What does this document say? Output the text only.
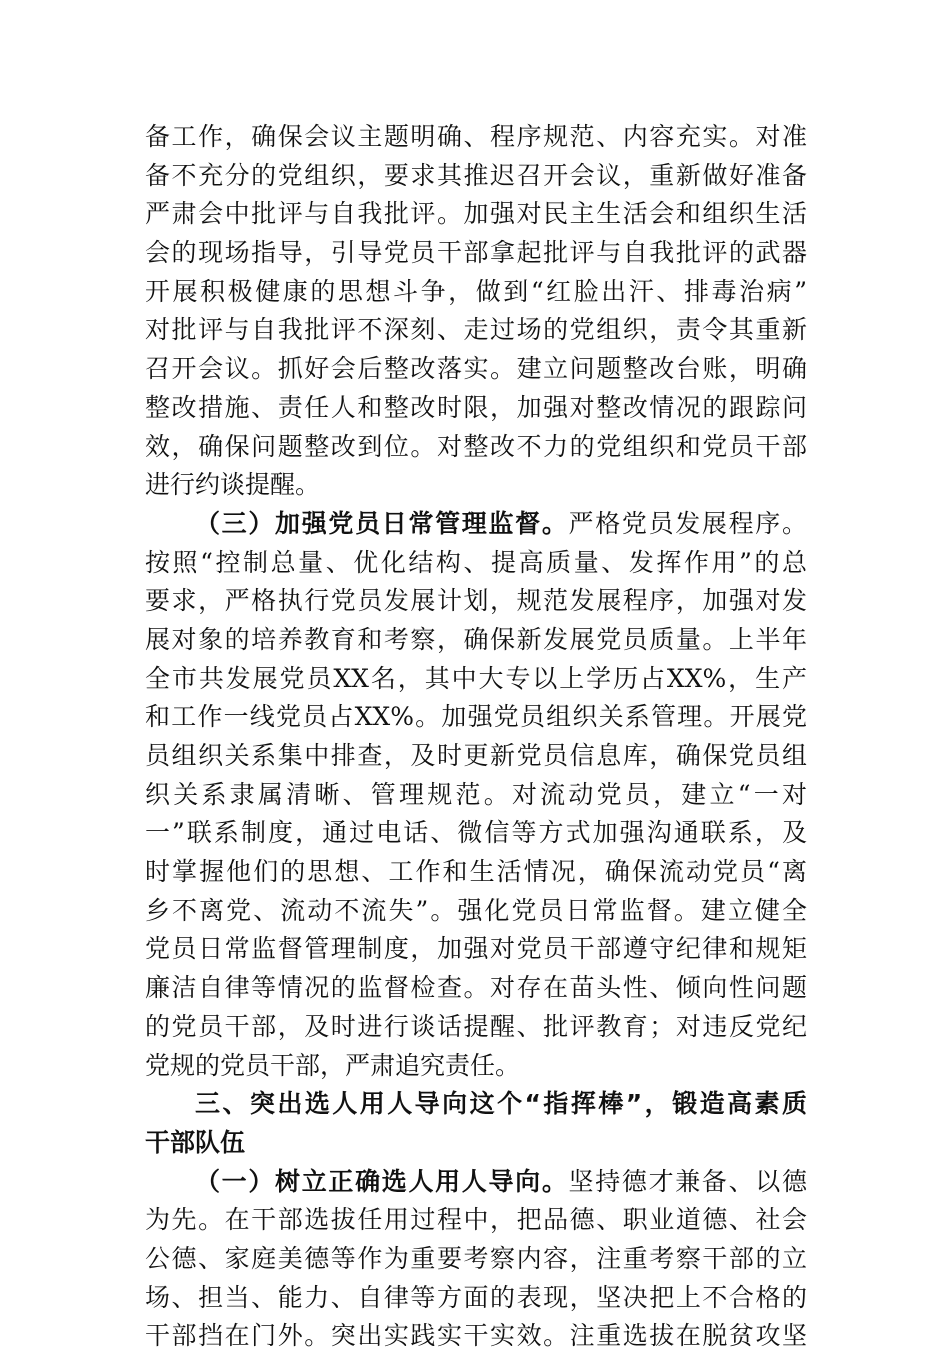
备工作，确保会议主题明确、程序规范、内容充实。对准
备不充分的党组织，要求其推迟召开会议，重新做好准备
严肃会中批评与自我批评。加强对民主生活会和组织生活
会的现场指导，引导党员干部拿起批评与自我批评的武器
开展积极健康的思想斗争，做到“红脸出汗、排毒治病”
对批评与自我批评不深刻、走过场的党组织，责令其重新
召开会议。抓好会后整改落实。建立问题整改台账，明确
整改措施、责任人和整改时限，加强对整改情况的跟踪问
效，确保问题整改到位。对整改不力的党组织和党员干部
进行约谈提醒。
（三）加强党员日常管理监督。严格党员发展程序。
按照“控制总量、优化结构、提高质量、发挥作用”的总
要求，严格执行党员发展计划，规范发展程序，加强对发
展对象的培养教育和考察，确保新发展党员质量。上半年
全市共发展党员XX名，其中大专以上学历占XX%，生产
和工作一线党员占XX%。加强党员组织关系管理。开展党
员组织关系集中排查，及时更新党员信息库，确保党员组
织关系隶属清晰、管理规范。对流动党员，建立“一对
一”联系制度，通过电话、微信等方式加强沟通联系，及
时掌握他们的思想、工作和生活情况，确保流动党员“离
乡不离党、流动不流失”。强化党员日常监督。建立健全
党员日常监督管理制度，加强对党员干部遵守纪律和规矩
廉洁自律等情况的监督检查。对存在苗头性、倾向性问题
的党员干部，及时进行谈话提醒、批评教育；对违反党纪
党规的党员干部，严肃追究责任。
三、突出选人用人导向这个“指挥棒”，锻造高素质
干部队伍
（一）树立正确选人用人导向。坚持德才兼备、以德
为先。在干部选拔任用过程中，把品德、职业道德、社会
公德、家庭美德等作为重要考察内容，注重考察干部的立
场、担当、能力、自律等方面的表现，坚决把上不合格的
干部挡在门外。突出实践实干实效。注重选拔在脱贫攻坚
